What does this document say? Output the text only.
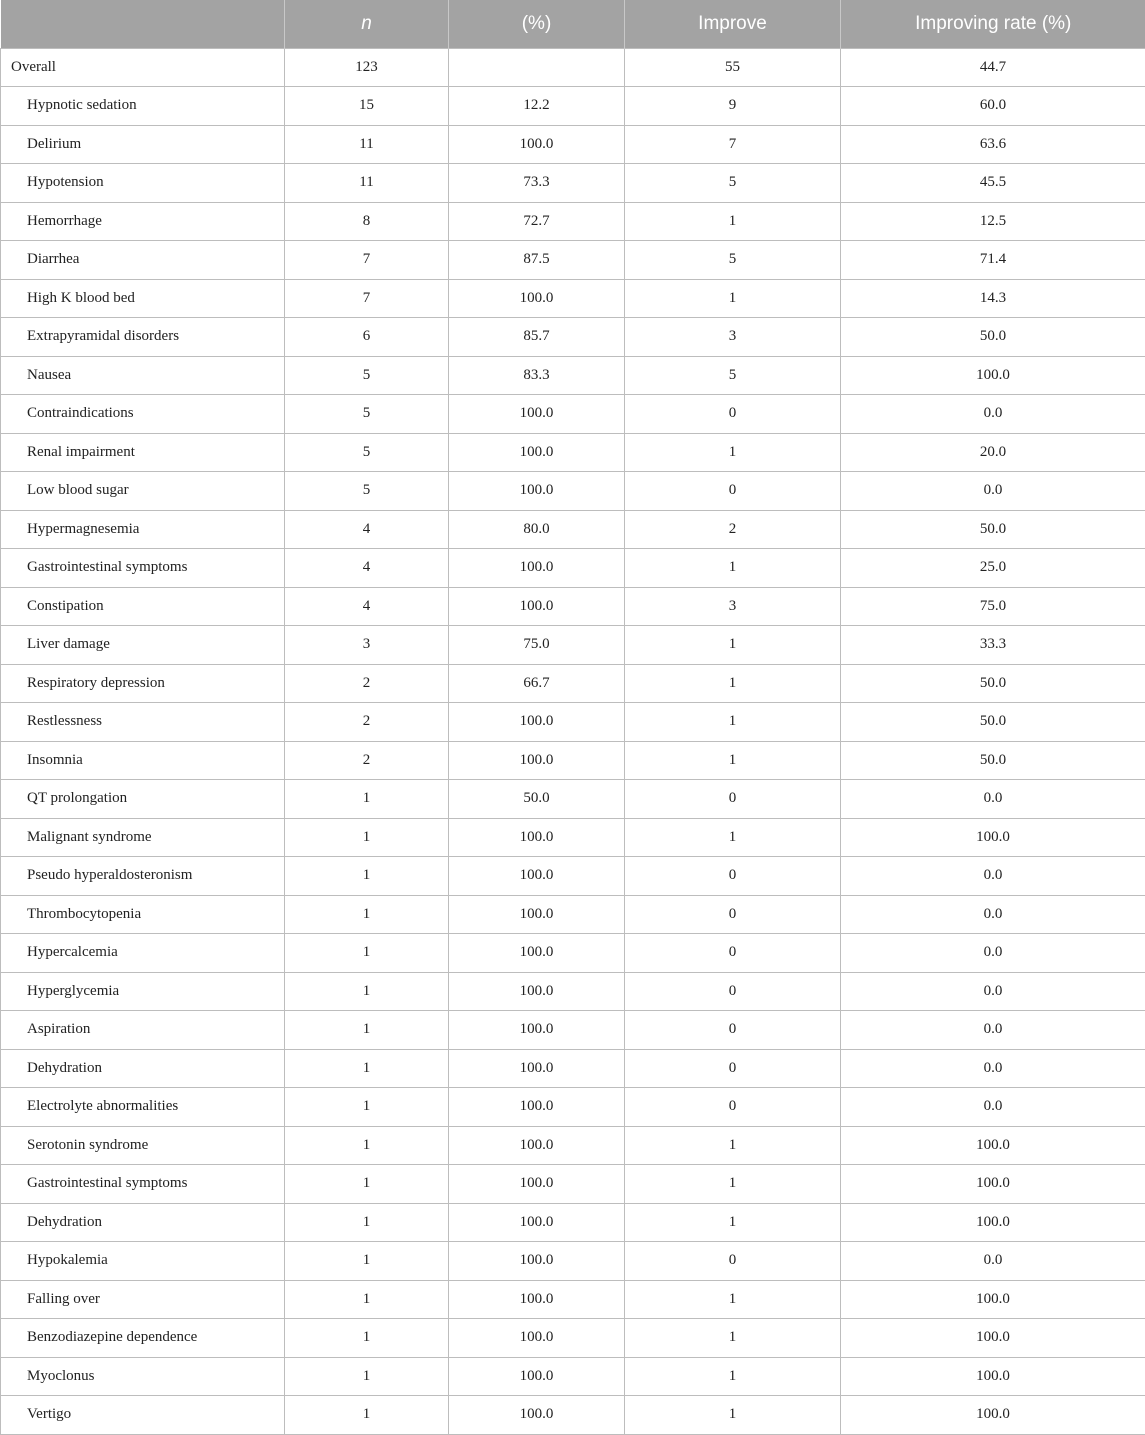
	n	(%)	Improve	Improving rate (%)
Overall	123		55	44.7
Hypnotic sedation	15	12.2	9	60.0
Delirium	11	100.0	7	63.6
Hypotension	11	73.3	5	45.5
Hemorrhage	8	72.7	1	12.5
Diarrhea	7	87.5	5	71.4
High K blood bed	7	100.0	1	14.3
Extrapyramidal disorders	6	85.7	3	50.0
Nausea	5	83.3	5	100.0
Contraindications	5	100.0	0	0.0
Renal impairment	5	100.0	1	20.0
Low blood sugar	5	100.0	0	0.0
Hypermagnesemia	4	80.0	2	50.0
Gastrointestinal symptoms	4	100.0	1	25.0
Constipation	4	100.0	3	75.0
Liver damage	3	75.0	1	33.3
Respiratory depression	2	66.7	1	50.0
Restlessness	2	100.0	1	50.0
Insomnia	2	100.0	1	50.0
QT prolongation	1	50.0	0	0.0
Malignant syndrome	1	100.0	1	100.0
Pseudo hyperaldosteronism	1	100.0	0	0.0
Thrombocytopenia	1	100.0	0	0.0
Hypercalcemia	1	100.0	0	0.0
Hyperglycemia	1	100.0	0	0.0
Aspiration	1	100.0	0	0.0
Dehydration	1	100.0	0	0.0
Electrolyte abnormalities	1	100.0	0	0.0
Serotonin syndrome	1	100.0	1	100.0
Gastrointestinal symptoms	1	100.0	1	100.0
Dehydration	1	100.0	1	100.0
Hypokalemia	1	100.0	0	0.0
Falling over	1	100.0	1	100.0
Benzodiazepine dependence	1	100.0	1	100.0
Myoclonus	1	100.0	1	100.0
Vertigo	1	100.0	1	100.0
